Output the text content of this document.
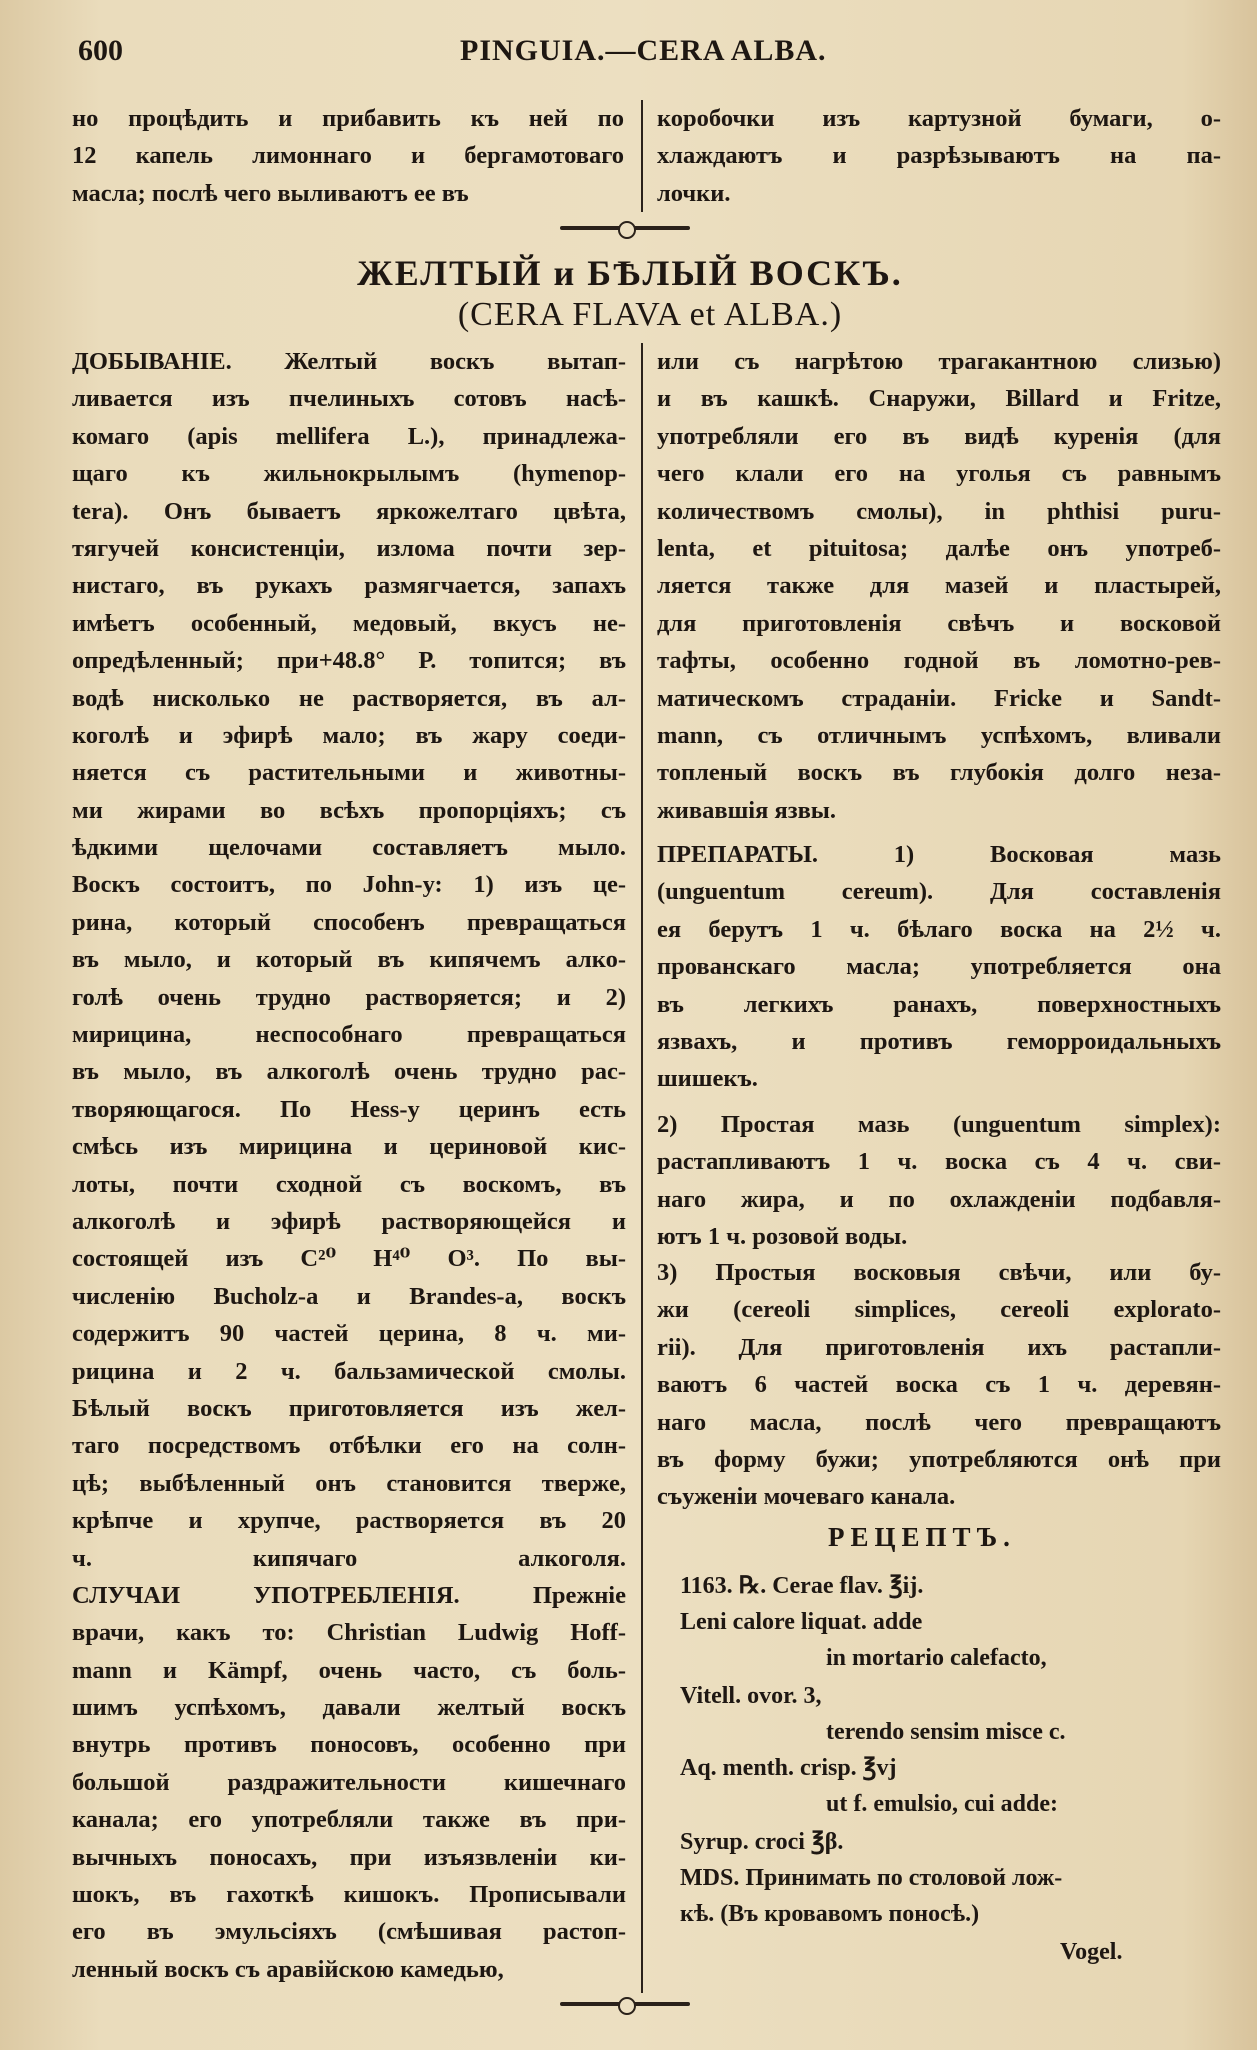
600	PINGUIA.—CERA ALBA.
но процѣдить и прибавить къ ней по
12 капель лимоннаго и бергамотоваго
масла; послѣ чего выливаютъ ее въ
коробочки изъ картузной бумаги, о-
хлаждаютъ и разрѣзываютъ на па-
лочки.
ЖЕЛТЫЙ и БѢЛЫЙ ВОСКЪ.
(CERA FLAVA et ALBA.)
ДОБЫВАНІЕ. Желтый воскъ вытап-
ливается изъ пчелиныхъ сотовъ насѣ-
комаго (apis mellifera L.), принадлежа-
щаго къ жильнокрылымъ (hymenop-
tera). Онъ бываетъ яркожелтаго цвѣта,
тягучей консистенціи, излома почти зер-
нистаго, въ рукахъ размягчается, запахъ
имѣетъ особенный, медовый, вкусъ не-
опредѣленный; при+48.8° Р. топится; въ
водѣ нисколько не растворяется, въ ал-
коголѣ и эфирѣ мало; въ жару соеди-
няется съ растительными и животны-
ми жирами во всѣхъ пропорціяхъ; съ
ѣдкими щелочами составляетъ мыло.
Воскъ состоитъ, по John-у: 1) изъ це-
рина, который способенъ превращаться
въ мыло, и который въ кипячемъ алко-
голѣ очень трудно растворяется; и 2)
мирицина, неспособнаго превращаться
въ мыло, въ алкоголѣ очень трудно рас-
творяющагося. По Hess-у церинъ есть
смѣсь изъ мирицина и цериновой кис-
лоты, почти сходной съ воскомъ, въ
алкоголѣ и эфирѣ растворяющейся и
состоящей изъ C²⁰ H⁴⁰ O³. По вы-
численію Bucholz-а и Brandes-а, воскъ
содержитъ 90 частей церина, 8 ч. ми-
рицина и 2 ч. бальзамической смолы.
Бѣлый воскъ приготовляется изъ жел-
таго посредствомъ отбѣлки его на солн-
цѣ; выбѣленный онъ становится тверже,
крѣпче и хрупче, растворяется въ 20
ч. кипячаго алкоголя.
СЛУЧАИ УПОТРЕБЛЕНІЯ. Прежніе
врачи, какъ то: Christian Ludwig Hoff-
mann и Kämpf, очень часто, съ боль-
шимъ успѣхомъ, давали желтый воскъ
внутрь противъ поносовъ, особенно при
большой раздражительности кишечнаго
канала; его употребляли также въ при-
вычныхъ поносахъ, при изъязвленіи ки-
шокъ, въ гахоткѣ кишокъ. Прописывали
его въ эмульсіяхъ (смѣшивая растоп-
ленный воскъ съ аравійскою камедью,
или съ нагрѣтою трагакантною слизью)
и въ кашкѣ. Снаружи, Billard и Fritze,
употребляли его въ видѣ куренія (для
чего клали его на уголья съ равнымъ
количествомъ смолы), in phthisi puru-
lenta, et pituitosa; далѣе онъ употреб-
ляется также для мазей и пластырей,
для приготовленія свѣчъ и восковой
тафты, особенно годной въ ломотно-рев-
матическомъ страданіи. Fricke и Sandt-
mann, съ отличнымъ успѣхомъ, вливали
топленый воскъ въ глубокія долго неза-
живавшія язвы.
ПРЕПАРАТЫ. 1) Восковая мазь
(unguentum cereum). Для составленія
ея берутъ 1 ч. бѣлаго воска на 2½ ч.
прованскаго масла; употребляется она
въ легкихъ ранахъ, поверхностныхъ
язвахъ, и противъ геморроидальныхъ
шишекъ.
2) Простая мазь (unguentum simplex):
растапливаютъ 1 ч. воска съ 4 ч. сви-
наго жира, и по охлажденіи подбавля-
ютъ 1 ч. розовой воды.
3) Простыя восковыя свѣчи, или бу-
жи (cereoli simplices, cereoli explorato-
rii). Для приготовленія ихъ растапли-
ваютъ 6 частей воска съ 1 ч. деревян-
наго масла, послѣ чего превращаютъ
въ форму бужи; употребляются онѣ при
съуженіи мочеваго канала.
РЕЦЕПТЪ.
1163. ℞. Cerae flav. ℥ij.
Leni calore liquat. adde
in mortario calefacto,
Vitell. ovor. 3,
terendo sensim misce c.
Aq. menth. crisp. ℥vj
ut f. emulsio, cui adde:
Syrup. croci ℥β.
MDS. Принимать по столовой лож-
кѣ. (Въ кровавомъ поносѣ.)
Vogel.
